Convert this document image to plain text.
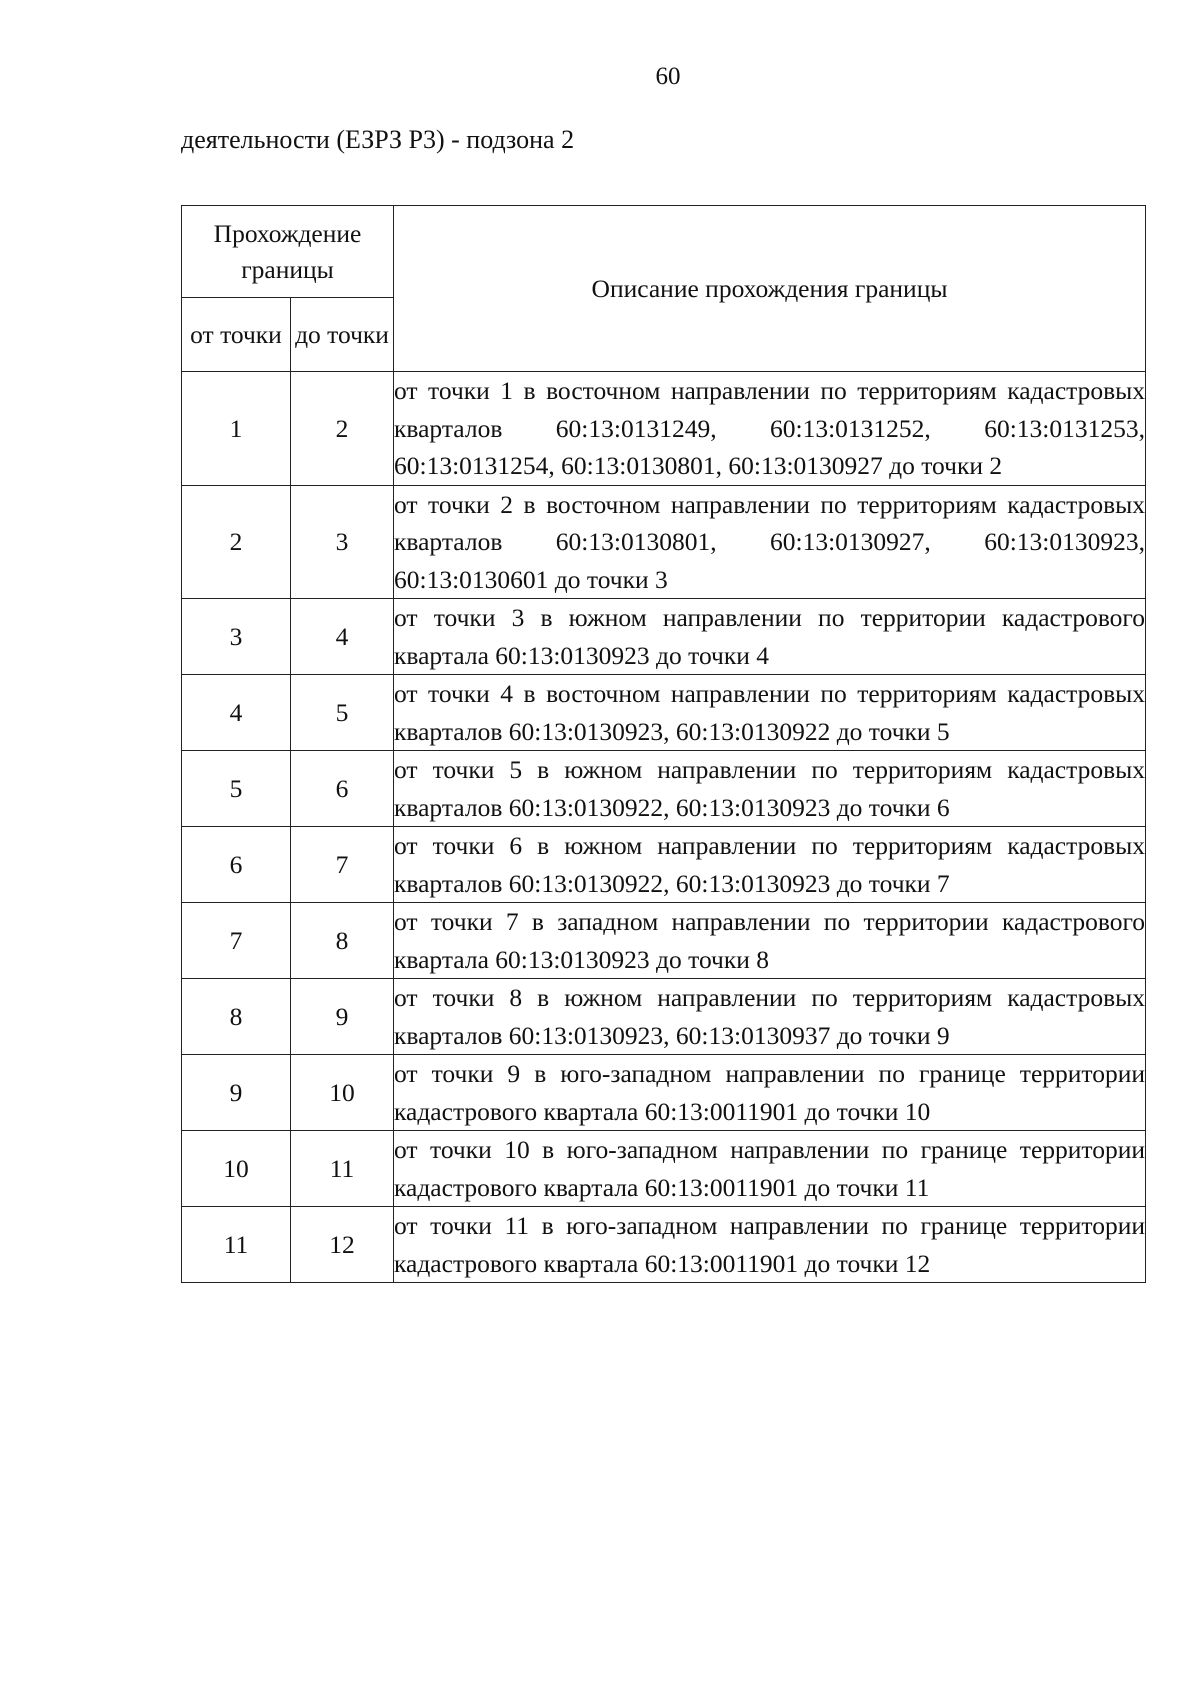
60
деятельности (ЕЗРЗ Р3) - подзона 2
Прохождение границы		Описание прохождения границы
от точки	до точки	
1	2	от точки 1 в восточном направлении по территориям кадастровых кварталов 60:13:0131249, 60:13:0131252, 60:13:0131253, 60:13:0131254, 60:13:0130801, 60:13:0130927 до точки 2
2	3	от точки 2 в восточном направлении по территориям кадастровых кварталов 60:13:0130801, 60:13:0130927, 60:13:0130923, 60:13:0130601 до точки 3
3	4	от точки 3 в южном направлении по территории кадастрового квартала 60:13:0130923 до точки 4
4	5	от точки 4 в восточном направлении по территориям кадастровых кварталов 60:13:0130923, 60:13:0130922 до точки 5
5	6	от точки 5 в южном направлении по территориям кадастровых кварталов 60:13:0130922, 60:13:0130923 до точки 6
6	7	от точки 6 в южном направлении по территориям кадастровых кварталов 60:13:0130922, 60:13:0130923 до точки 7
7	8	от точки 7 в западном направлении по территории кадастрового квартала 60:13:0130923 до точки 8
8	9	от точки 8 в южном направлении по территориям кадастровых кварталов 60:13:0130923, 60:13:0130937 до точки 9
9	10	от точки 9 в юго-западном направлении по границе территории кадастрового квартала 60:13:0011901 до точки 10
10	11	от точки 10 в юго-западном направлении по границе территории кадастрового квартала 60:13:0011901 до точки 11
11	12	от точки 11 в юго-западном направлении по границе территории кадастрового квартала 60:13:0011901 до точки 12
